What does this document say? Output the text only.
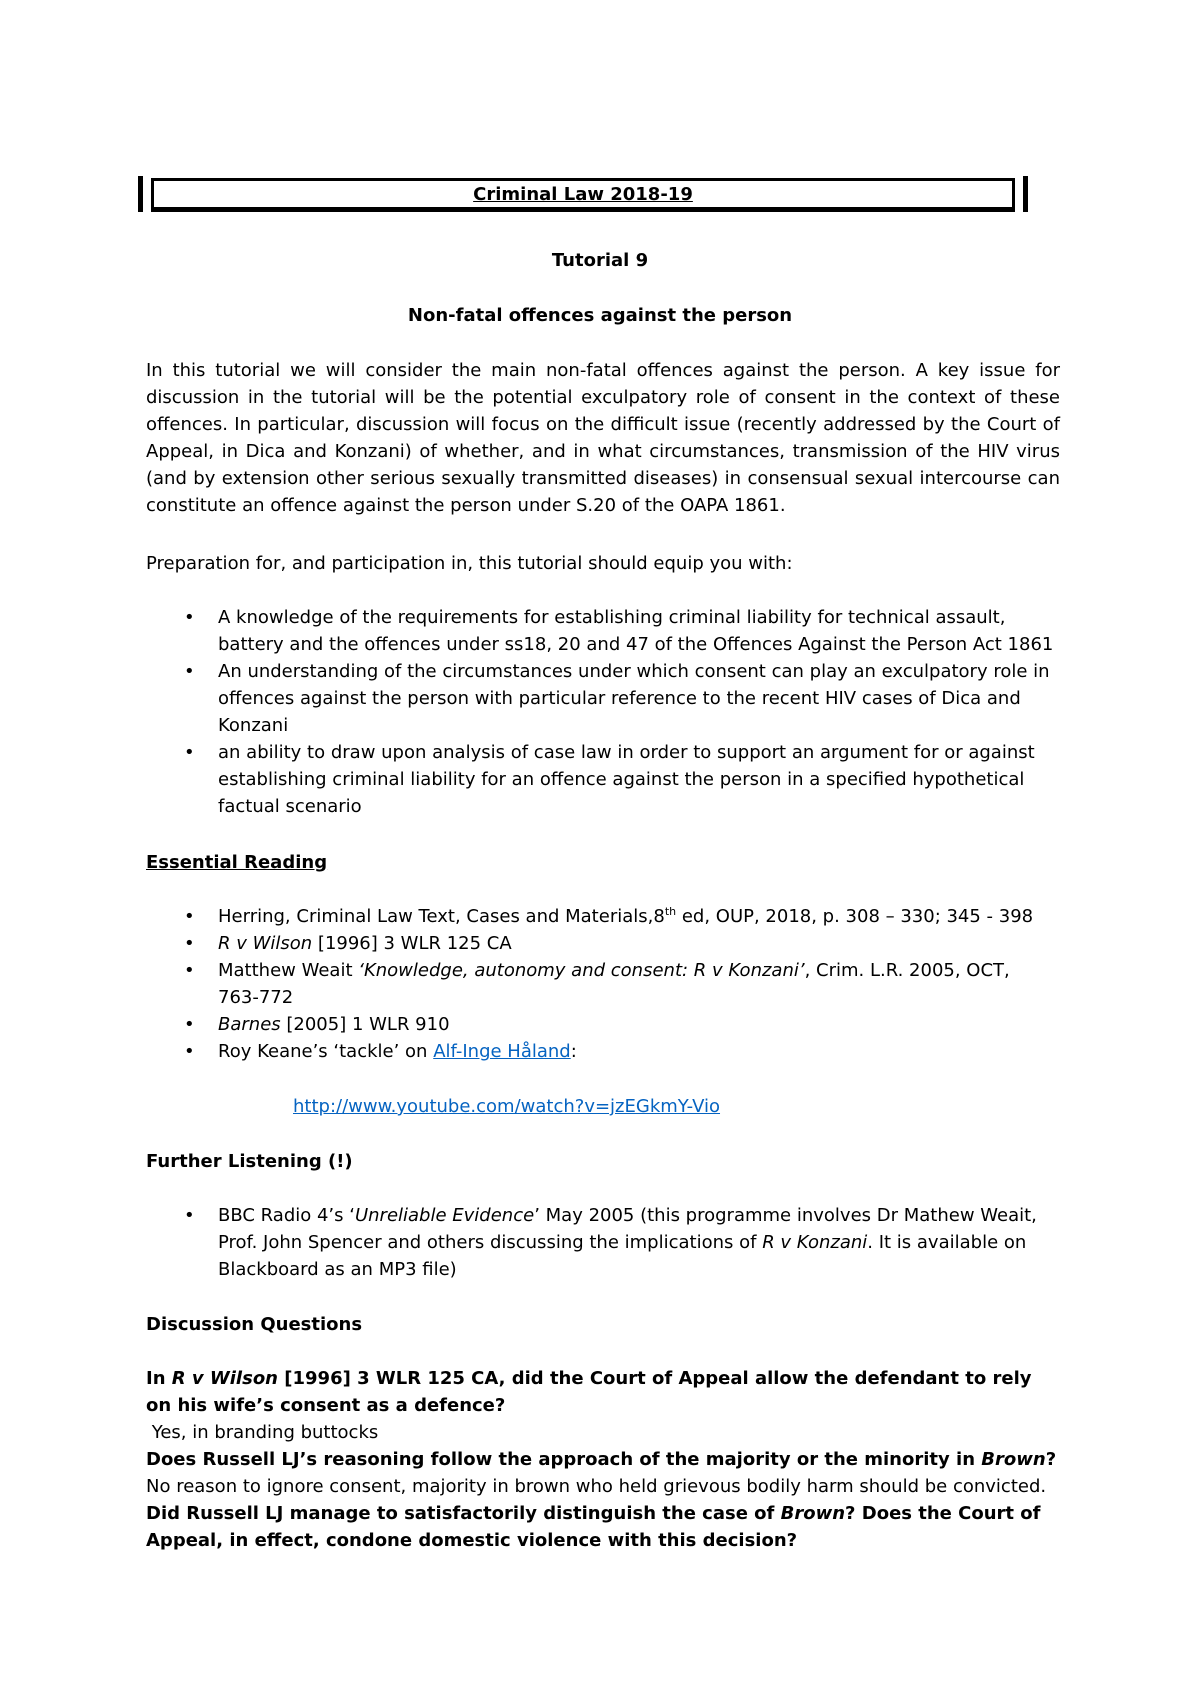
Criminal Law 2018-19
Tutorial 9
Non-fatal offences against the person
In this tutorial we will consider the main non-fatal offences against the person. A key issue for discussion in the tutorial will be the potential exculpatory role of consent in the context of these offences. In particular, discussion will focus on the difficult issue (recently addressed by the Court of Appeal, in Dica and Konzani) of whether, and in what circumstances, transmission of the HIV virus (and by extension other serious sexually transmitted diseases) in consensual sexual intercourse can constitute an offence against the person under S.20 of the OAPA 1861.
Preparation for, and participation in, this tutorial should equip you with:
• A knowledge of the requirements for establishing criminal liability for technical assault, battery and the offences under ss18, 20 and 47 of the Offences Against the Person Act 1861
• An understanding of the circumstances under which consent can play an exculpatory role in offences against the person with particular reference to the recent HIV cases of Dica and Konzani
• an ability to draw upon analysis of case law in order to support an argument for or against establishing criminal liability for an offence against the person in a specified hypothetical factual scenario
Essential Reading
• Herring, Criminal Law Text, Cases and Materials,8th ed, OUP, 2018, p. 308 – 330; 345 - 398
• R v Wilson [1996] 3 WLR 125 CA
• Matthew Weait ‘Knowledge, autonomy and consent: R v Konzani’, Crim. L.R. 2005, OCT, 763-772
• Barnes [2005] 1 WLR 910
• Roy Keane’s ‘tackle’ on Alf-Inge Håland:
http://www.youtube.com/watch?v=jzEGkmY-Vio
Further Listening (!)
• BBC Radio 4’s ‘Unreliable Evidence’ May 2005 (this programme involves Dr Mathew Weait, Prof. John Spencer and others discussing the implications of R v Konzani. It is available on Blackboard as an MP3 file)
Discussion Questions
In R v Wilson [1996] 3 WLR 125 CA, did the Court of Appeal allow the defendant to rely on his wife’s consent as a defence?
Yes, in branding buttocks
Does Russell LJ’s reasoning follow the approach of the majority or the minority in Brown?
No reason to ignore consent, majority in brown who held grievous bodily harm should be convicted.
Did Russell LJ manage to satisfactorily distinguish the case of Brown? Does the Court of Appeal, in effect, condone domestic violence with this decision?
